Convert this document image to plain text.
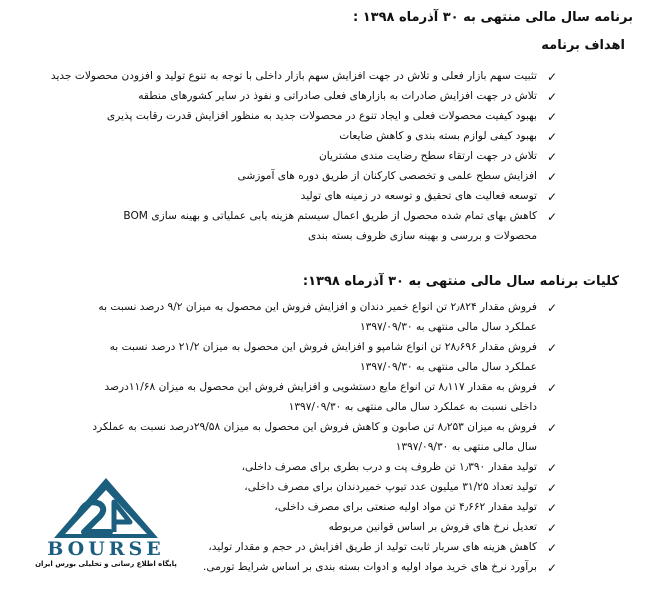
برنامه سال مالی منتهی به ۳۰ آذرماه ۱۳۹۸ :
اهداف برنامه
✓
تثبیت سهم بازار فعلی و تلاش در جهت افزایش سهم بازار داخلی با توجه به تنوع تولید و افزودن محصولات جدید
✓
تلاش در جهت افزایش صادرات به بازارهای فعلی صادراتی و نفوذ در سایر کشورهای منطقه
✓
بهبود کیفیت محصولات فعلی و ایجاد تنوع در محصولات جدید به منظور افزایش قدرت رقابت پذیری
✓
بهبود کیفی لوازم بسته بندی و کاهش ضایعات
✓
تلاش در جهت ارتقاء سطح رضایت مندی مشتریان
✓
افزایش سطح علمی و تخصصی کارکنان از طریق دوره های آموزشی
✓
توسعه فعالیت های تحقیق و توسعه در زمینه های تولید
✓
کاهش بهای تمام شده محصول از طریق اعمال سیستم هزینه یابی عملیاتی و بهینه سازی BOM محصولات و بررسی و بهینه سازی ظروف بسته بندی
کلیات برنامه سال مالی منتهی به ۳۰ آذرماه ۱۳۹۸:
✓
فروش مقدار ۲٫۸۲۴ تن انواع خمیر دندان و افزایش فروش این محصول به میزان ۹/۲ درصد نسبت به عملکرد سال مالی منتهی به ۱۳۹۷/۰۹/۳۰
✓
فروش مقدار ۲۸٫۶۹۶ تن انواع شامپو و افزایش فروش این محصول به میزان ۲۱/۲ درصد نسبت به عملکرد سال مالی منتهی به ۱۳۹۷/۰۹/۳۰
✓
فروش به مقدار ۸٫۱۱۷ تن انواع مایع دستشویی و افزایش فروش این محصول به میزان ۱۱/۶۸درصد داخلی نسبت به عملکرد سال مالی منتهی به ۱۳۹۷/۰۹/۳۰
✓
فروش به میزان ۸٫۲۵۳ تن صابون و کاهش فروش این محصول به میزان ۲۹/۵۸درصد نسبت به عملکرد سال مالی منتهی به ۱۳۹۷/۰۹/۳۰
✓
تولید مقدار ۱٫۳۹۰ تن ظروف پت و درب بطری برای مصرف داخلی،
✓
تولید تعداد ۳۱/۲۵ میلیون عدد تیوپ خمیردندان برای مصرف داخلی،
✓
تولید مقدار ۴٫۶۶۲ تن مواد اولیه صنعتی برای مصرف داخلی،
✓
تعدیل نرخ های فروش بر اساس قوانین مربوطه
✓
کاهش هزینه های سربار ثابت تولید از طریق افزایش در حجم و مقدار تولید،
✓
برآورد نرخ های خرید مواد اولیه و ادوات بسته بندی بر اساس شرایط تورمی.
BOURSE
پایگاه اطلاع رسانی و تحلیلی بورس ایران
